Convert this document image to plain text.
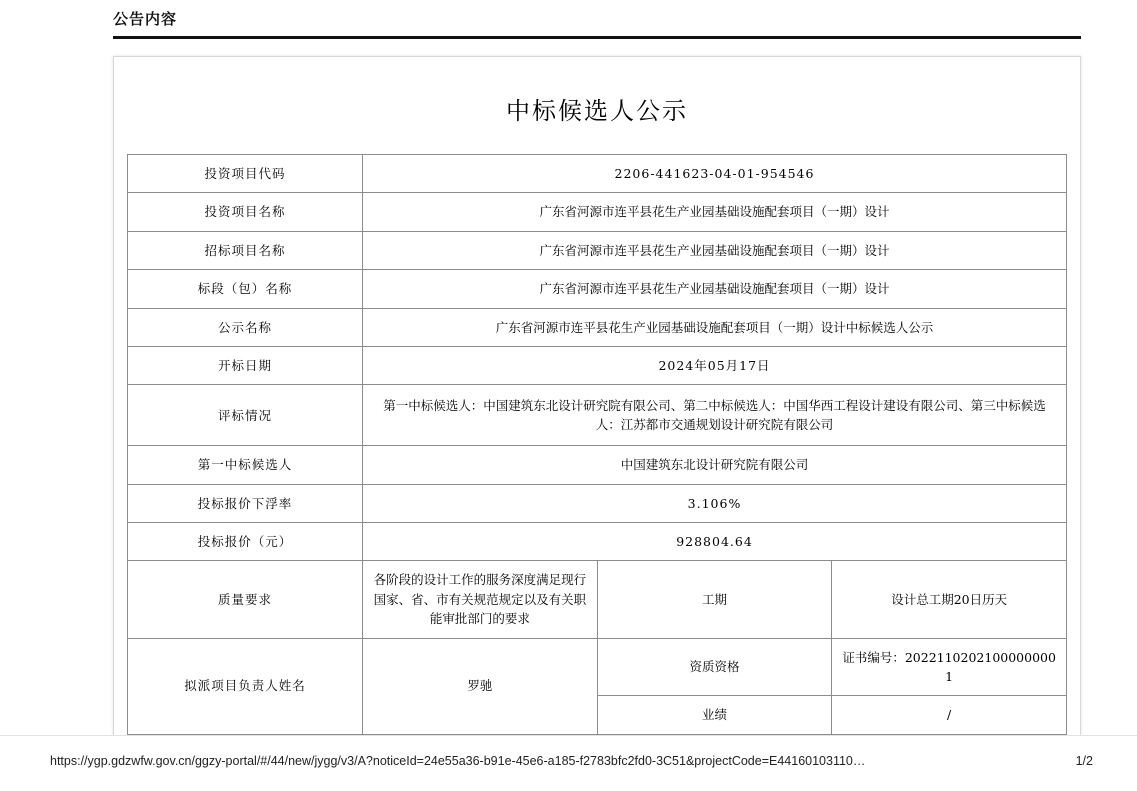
公告内容
中标候选人公示
投资项目代码	2206-441623-04-01-954546		
投资项目名称	广东省河源市连平县花生产业园基础设施配套项目（一期）设计		
招标项目名称	广东省河源市连平县花生产业园基础设施配套项目（一期）设计		
标段（包）名称	广东省河源市连平县花生产业园基础设施配套项目（一期）设计		
公示名称	广东省河源市连平县花生产业园基础设施配套项目（一期）设计中标候选人公示		
开标日期	2024年05月17日		
评标情况	第一中标候选人：中国建筑东北设计研究院有限公司、第二中标候选人：中国华西工程设计建设有限公司、第三中标候选人：江苏都市交通规划设计研究院有限公司		
第一中标候选人	中国建筑东北设计研究院有限公司		
投标报价下浮率	3.106%		
投标报价（元）	928804.64		
质量要求	各阶段的设计工作的服务深度满足现行国家、省、市有关规范规定以及有关职能审批部门的要求	工期	设计总工期20日历天
拟派项目负责人姓名	罗驰	资质资格	证书编号：20221102021000000001
		业绩	/

https://ygp.gdzwfw.gov.cn/ggzy-portal/#/44/new/jygg/v3/A?noticeId=24e55a36-b91e-45e6-a185-f2783bfc2fd0-3C51&projectCode=E44160103110…	1/2
